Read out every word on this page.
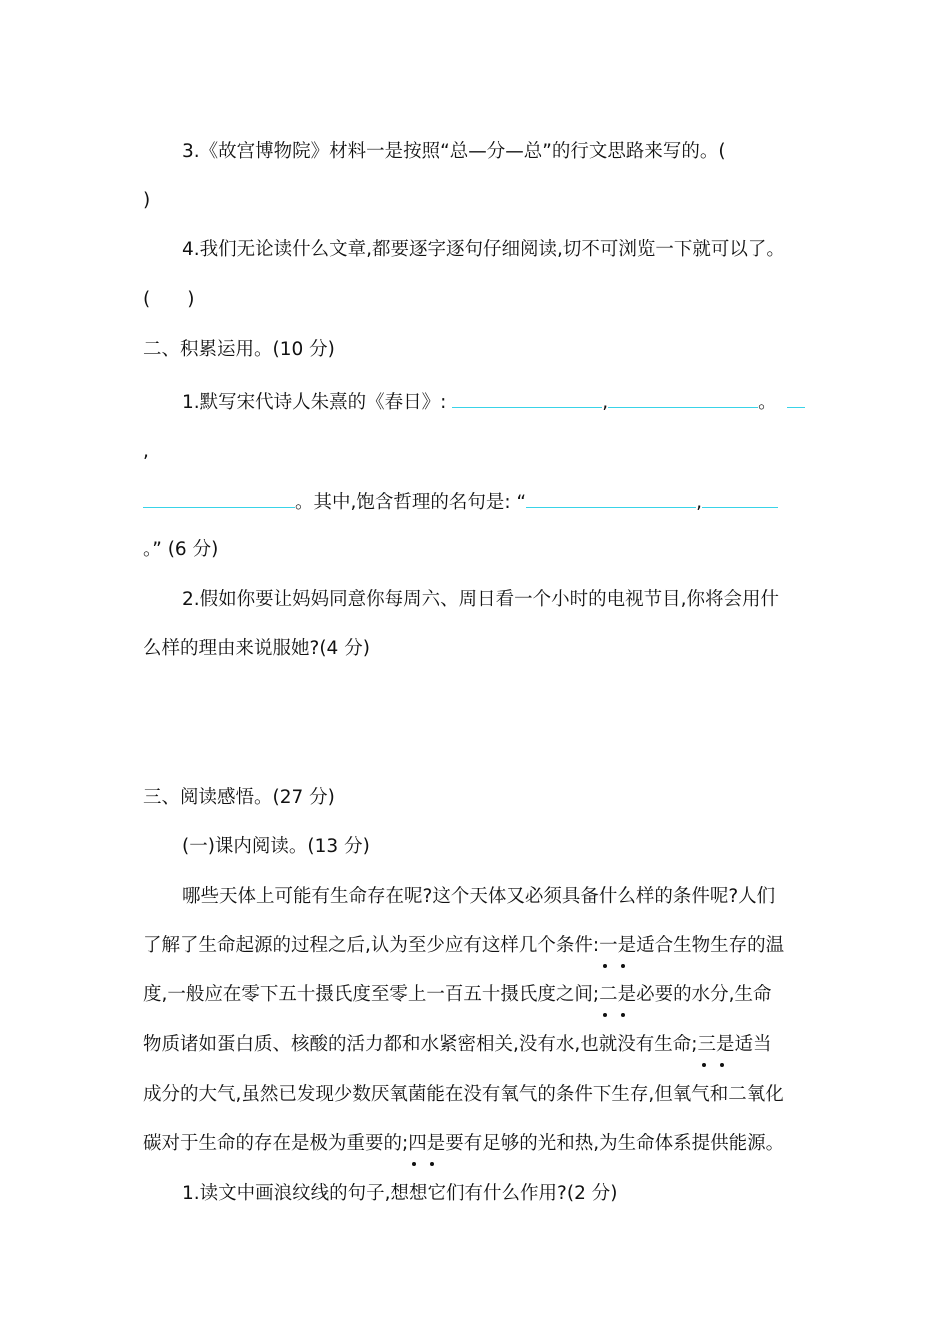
3.《故宫博物院》材料一是按照“总—分—总”的行文思路来写的。(
)
4.我们无论读什么文章,都要逐字逐句仔细阅读,切不可浏览一下就可以了。
(　　)
二、积累运用。(10 分)
1.默写宋代诗人朱熹的《春日》:	,	。
,
。其中,饱含哲理的名句是: “	,
。” (6 分)
2.假如你要让妈妈同意你每周六、周日看一个小时的电视节目,你将会用什
么样的理由来说服她?(4 分)
三、阅读感悟。(27 分)
(一)课内阅读。(13 分)
哪些天体上可能有生命存在呢?这个天体又必须具备什么样的条件呢?人们
了解了生命起源的过程之后,认为至少应有这样几个条件:一是
适合生物生存的温
度,一般应在零下五十摄氏度至零上一百五十摄氏度之间;二是
必要的水分,生命
物质诸如蛋白质、核酸的活力都和水紧密相关,没有水,也就没有生命;三是
适当
成分的大气,虽然已发现少数厌氧菌能在没有氧气的条件下生存,但氧气和二氧化
碳对于生命的存在是极为重要的;四是
要有足够的光和热,为生命体系提供能源。
1.读文中画浪纹线的句子,想想它们有什么作用?(2 分)
